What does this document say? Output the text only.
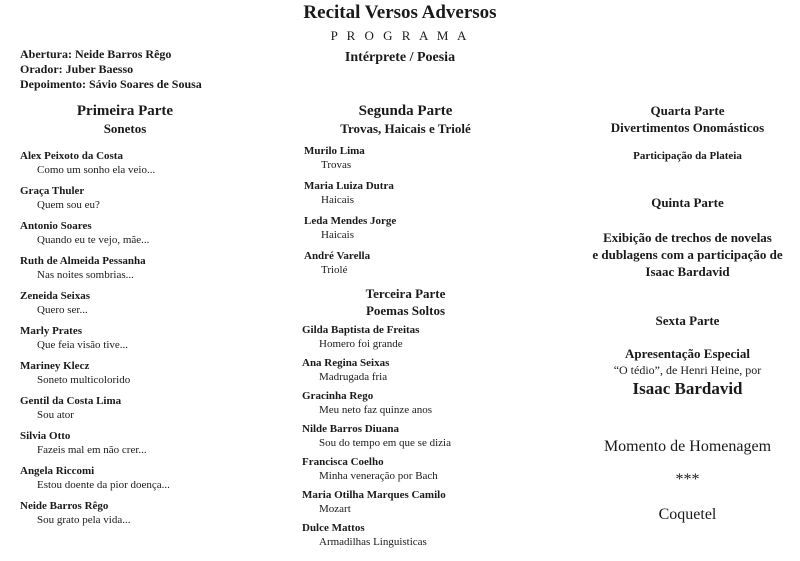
Recital Versos Adversos
P R O G R A M A
Intérprete / Poesia
Abertura: Neide Barros Rêgo
Orador: Juber Baesso
Depoimento: Sávio Soares de Sousa
Primeira Parte
Sonetos
Alex Peixoto da Costa
Como um sonho ela veio...
Graça Thuler
Quem sou eu?
Antonio Soares
Quando eu te vejo, mãe...
Ruth de Almeida Pessanha
Nas noites sombrias...
Zeneida Seixas
Quero ser...
Marly Prates
Que feia visão tive...
Mariney Klecz
Soneto multicolorido
Gentil da Costa Lima
Sou ator
Silvia Otto
Fazeis mal em não crer...
Angela Riccomi
Estou doente da pior doença...
Neide Barros Rêgo
Sou grato pela vida...
Segunda Parte
Trovas, Haicais e Triolé
Murilo Lima
Trovas
Maria Luiza Dutra
Haicais
Leda Mendes Jorge
Haicais
André Varella
Triolé
Terceira Parte
Poemas Soltos
Gilda Baptista de Freitas
Homero foi grande
Ana Regina Seixas
Madrugada fria
Gracinha Rego
Meu neto faz quinze anos
Nilde Barros Diuana
Sou do tempo em que se dizia
Francisca Coelho
Minha veneração por Bach
Maria Otilha Marques Camilo
Mozart
Dulce Mattos
Armadilhas Linguisticas
Quarta Parte
Divertimentos Onomásticos
Participação da Plateia
Quinta Parte
Exibição de trechos de novelas
e dublagens com a participação de
Isaac Bardavid
Sexta Parte
Apresentação Especial
“O tédio”, de Henri Heine, por
Isaac Bardavid
Momento de Homenagem
***
Coquetel
